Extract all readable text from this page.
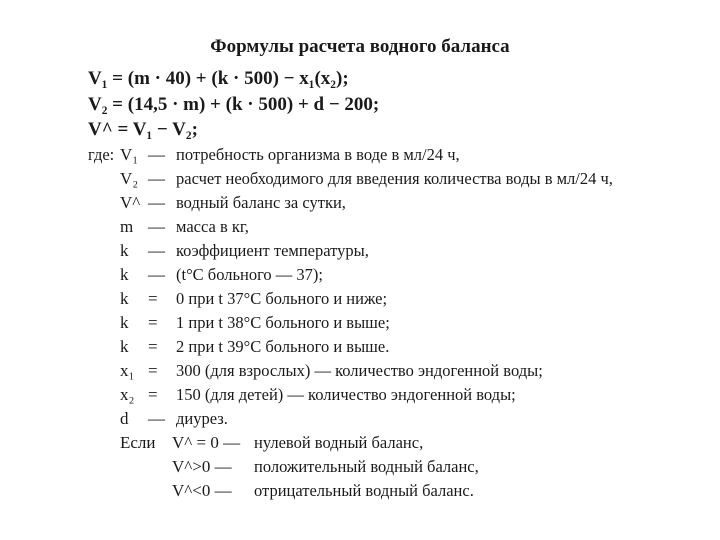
Формулы расчета водного баланса
V₁ = (m · 40) + (k · 500) − x₁(x₂);
V₂ = (14,5 · m) + (k · 500) + d − 200;
V^ = V₁ − V₂;
где: V₁ — потребность организма в воде в мл/24 ч,
V₂ — расчет необходимого для введения количества воды в мл/24 ч,
V^ — водный баланс за сутки,
m — масса в кг,
k — коэффициент температуры,
k — (t°C больного — 37);
k = 0 при t 37°C больного и ниже;
k = 1 при t 38°C больного и выше;
k = 2 при t 39°C больного и выше.
x₁ = 300 (для взрослых) — количество эндогенной воды;
x₂ = 150 (для детей) — количество эндогенной воды;
d — диурез.
Если V^ = 0 — нулевой водный баланс,
V^>0 — положительный водный баланс,
V^<0 — отрицательный водный баланс.
